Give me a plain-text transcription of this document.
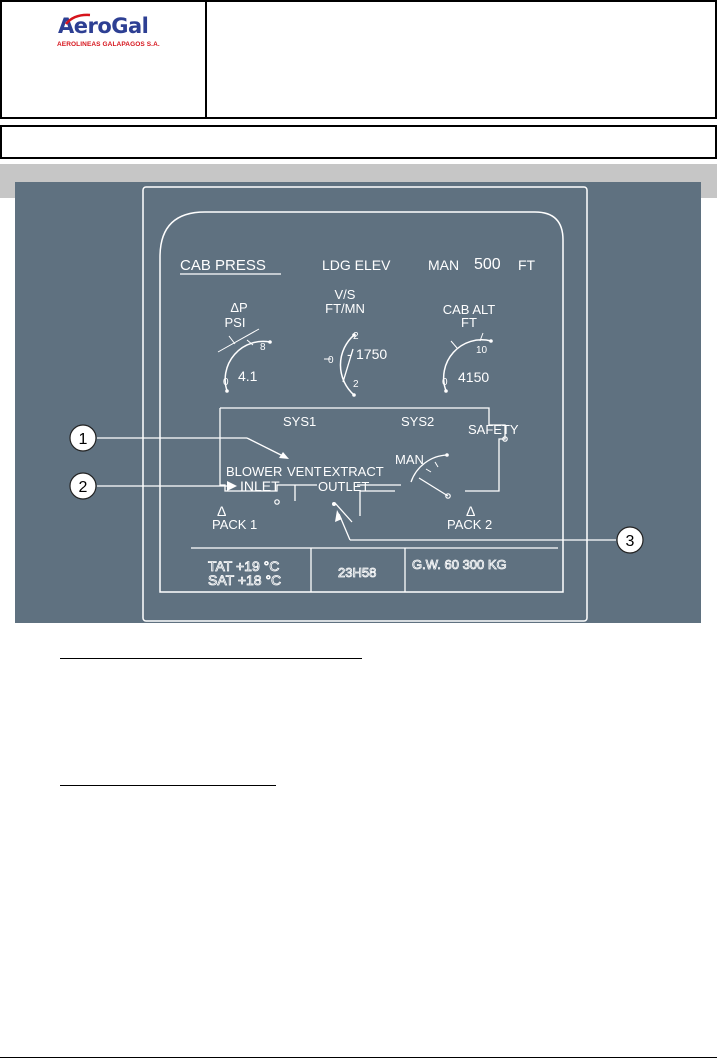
AeroGal
AEROLINEAS GALAPAGOS S.A.
CAB PRESS	LDG ELEV	MAN 500 FT
ΔP
PSI
8
0 4.1
V/S
FT/MN
2
0
2
- 1750
CAB ALT
FT
10
0 4150
SYS1	SYS2
SAFETY
BLOWER VENT EXTRACT
MAN
INLET	OUTLET
Δ
PACK 1
Δ
PACK 2
TAT +19 °C
SAT +18 °C	23H58
G.W. 60 300 KG
1
2
3
